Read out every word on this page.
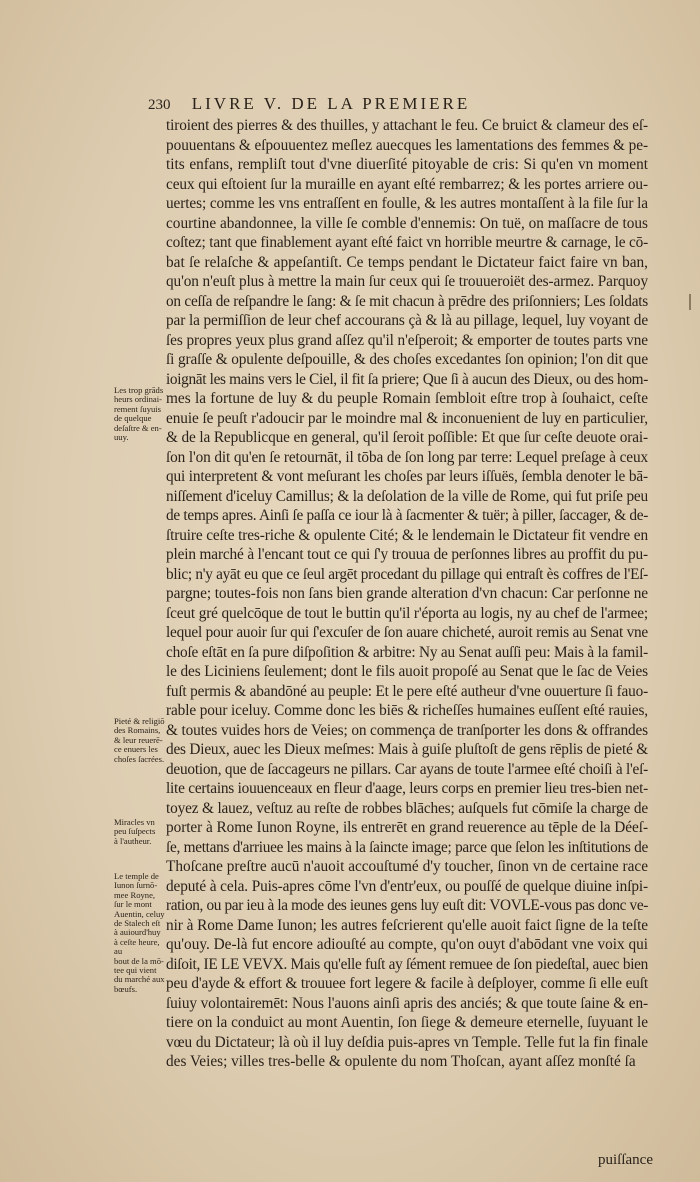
230 LIVRE V. DE LA PREMIERE
tiroient des pierres & des thuilles, y attachant le feu. Ce bruict & clameur des eſ-
pouuentans & eſpouuentez meſlez auecques les lamentations des femmes & pe-
tits enfans, rempliſt tout d'vne diuerſité pitoyable de cris: Si qu'en vn moment
ceux qui eſtoient ſur la muraille en ayant eſté rembarrez; & les portes arriere ou-
uertes; comme les vns entraſſent en foulle, & les autres montaſſent à la file ſur la
courtine abandonnee, la ville ſe comble d'ennemis: On tuë, on maſſacre de tous
coſtez; tant que finablement ayant eſté faict vn horrible meurtre & carnage, le cō-
bat ſe relaſche & appeſantiſt. Ce temps pendant le Dictateur faict faire vn ban,
qu'on n'euſt plus à mettre la main ſur ceux qui ſe trouueroiët des-armez. Parquoy
on ceſſa de reſpandre le ſang: & ſe mit chacun à prēdre des priſonniers; Les ſoldats
par la permiſſion de leur chef accourans çà & là au pillage, lequel, luy voyant de
ſes propres yeux plus grand aſſez qu'il n'eſperoit; & emporter de toutes parts vne
ſi graſſe & opulente deſpouille, & des choſes excedantes ſon opinion; l'on dit que
ioignāt les mains vers le Ciel, il fit ſa priere; Que ſi à aucun des Dieux, ou des hom-
mes la fortune de luy & du peuple Romain ſembloit eſtre trop à ſouhaict, ceſte
enuie ſe peuſt r'adoucir par le moindre mal & inconuenient de luy en particulier,
& de la Republicque en general, qu'il ſeroit poſſible: Et que ſur ceſte deuote orai-
ſon l'on dit qu'en ſe retournāt, il tōba de ſon long par terre: Lequel preſage à ceux
qui interpretent & vont meſurant les choſes par leurs iſſuës, ſembla denoter le bā-
niſſement d'iceluy Camillus; & la deſolation de la ville de Rome, qui fut priſe peu
de temps apres. Ainſi ſe paſſa ce iour là à ſacmenter & tuër; à piller, ſaccager, & de-
ſtruire ceſte tres-riche & opulente Cité; & le lendemain le Dictateur fit vendre en
plein marché à l'encant tout ce qui ſ'y trouua de perſonnes libres au proffit du pu-
blic; n'y ayāt eu que ce ſeul argēt procedant du pillage qui entraſt ès coffres de l'Eſ-
pargne; toutes-fois non ſans bien grande alteration d'vn chacun: Car perſonne ne
ſceut gré quelcōque de tout le buttin qu'il r'éporta au logis, ny au chef de l'armee;
lequel pour auoir ſur qui ſ'excuſer de ſon auare chicheté, auroit remis au Senat vne
choſe eſtāt en ſa pure diſpoſition & arbitre: Ny au Senat auſſi peu: Mais à la famil-
le des Liciniens ſeulement; dont le fils auoit propoſé au Senat que le ſac de Veies
fuſt permis & abandōné au peuple: Et le pere eſté autheur d'vne ouuerture ſi fauo-
rable pour iceluy. Comme donc les biēs & richeſſes humaines euſſent eſté rauies,
& toutes vuides hors de Veies; on commença de tranſporter les dons & offrandes
des Dieux, auec les Dieux meſmes: Mais à guiſe pluſtoſt de gens rēplis de pieté &
deuotion, que de ſaccageurs ne pillars. Car ayans de toute l'armee eſté choiſi à l'eſ-
lite certains iouuenceaux en fleur d'aage, leurs corps en premier lieu tres-bien net-
toyez & lauez, veſtuz au reſte de robbes blāches; auſquels fut cōmiſe la charge de
porter à Rome Iunon Royne, ils entrerēt en grand reuerence au tēple de la Déeſ-
ſe, mettans d'arriuee les mains à la ſaincte image; parce que ſelon les inſtitutions de
Thoſcane preſtre aucū n'auoit accouſtumé d'y toucher, ſinon vn de certaine race
deputé à cela. Puis-apres cōme l'vn d'entr'eux, ou pouſſé de quelque diuine inſpi-
ration, ou par ieu à la mode des ieunes gens luy euſt dit: VOVLE-vous pas donc ve-
nir à Rome Dame Iunon; les autres feſcrierent qu'elle auoit faict ſigne de la teſte
qu'ouy. De-là fut encore adiouſté au compte, qu'on ouyt d'abōdant vne voix qui
diſoit, IE LE VEVX. Mais qu'elle fuſt ay ſément remuee de ſon piedeſtal, auec bien
peu d'ayde & effort & trouuee fort legere & facile à deſployer, comme ſi elle euſt
ſuiuy volontairemēt: Nous l'auons ainſi apris des anciés; & que toute ſaine & en-
tiere on la conduict au mont Auentin, ſon ſiege & demeure eternelle, ſuyuant le
vœu du Dictateur; là où il luy deſdia puis-apres vn Temple. Telle fut la fin finale
des Veies; villes tres-belle & opulente du nom Thoſcan, ayant aſſez monſté ſa
Les trop grāds
heurs ordinai-
rement ſuyuis
de quelque
deſaſtre & en-
uuy.
Pieté & religiō
des Romains,
& leur reuerē-
ce enuers les
choſes ſacrées.
Miracles vn
peu ſuſpects
à l'autheur.
Le temple de
Iunon ſurnō-
mee Royne,
ſur le mont
Auentin, celuy
de Stalech eſt
à auiourd'huy
à ceſte heure, au
bout de la mō-
tee qui vient
du marché aux
bœufs.
puiſſance
